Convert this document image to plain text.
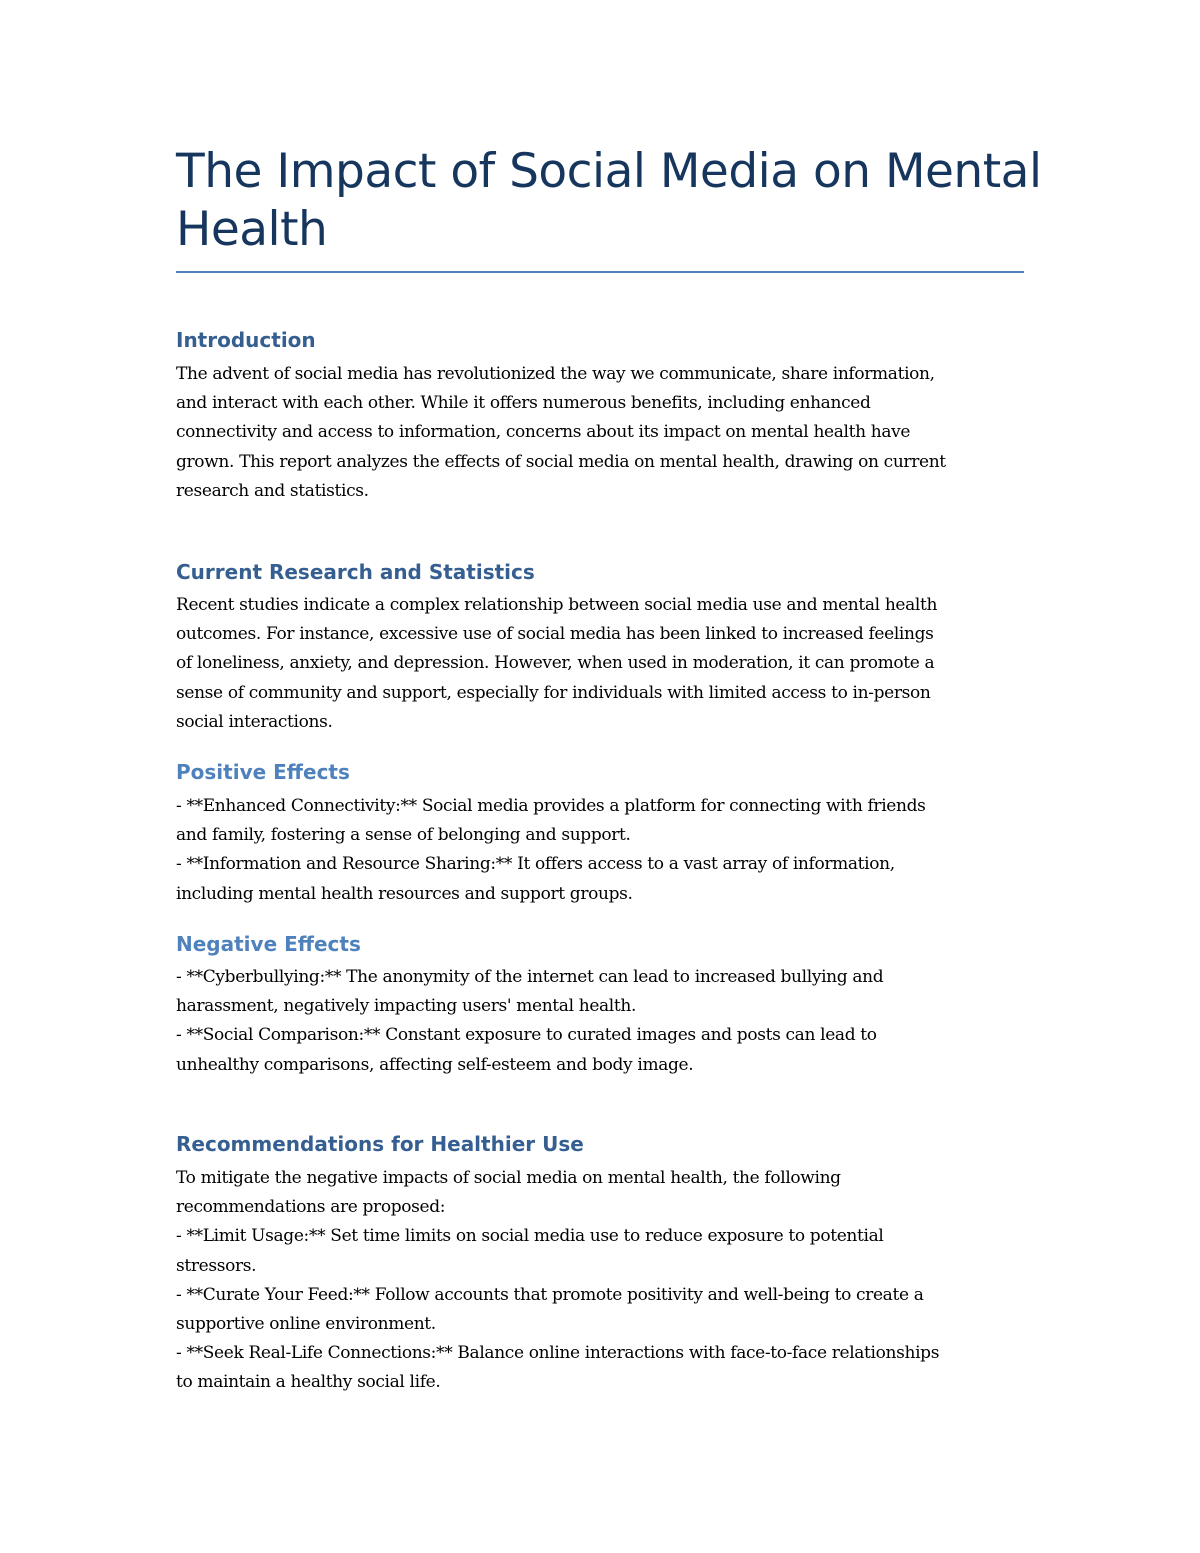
The Impact of Social Media on Mental
Health
Introduction
The advent of social media has revolutionized the way we communicate, share information,
and interact with each other. While it offers numerous benefits, including enhanced
connectivity and access to information, concerns about its impact on mental health have
grown. This report analyzes the effects of social media on mental health, drawing on current
research and statistics.
Current Research and Statistics
Recent studies indicate a complex relationship between social media use and mental health
outcomes. For instance, excessive use of social media has been linked to increased feelings
of loneliness, anxiety, and depression. However, when used in moderation, it can promote a
sense of community and support, especially for individuals with limited access to in-person
social interactions.
Positive Effects
- **Enhanced Connectivity:** Social media provides a platform for connecting with friends
and family, fostering a sense of belonging and support.
- **Information and Resource Sharing:** It offers access to a vast array of information,
including mental health resources and support groups.
Negative Effects
- **Cyberbullying:** The anonymity of the internet can lead to increased bullying and
harassment, negatively impacting users' mental health.
- **Social Comparison:** Constant exposure to curated images and posts can lead to
unhealthy comparisons, affecting self-esteem and body image.
Recommendations for Healthier Use
To mitigate the negative impacts of social media on mental health, the following
recommendations are proposed:
- **Limit Usage:** Set time limits on social media use to reduce exposure to potential
stressors.
- **Curate Your Feed:** Follow accounts that promote positivity and well-being to create a
supportive online environment.
- **Seek Real-Life Connections:** Balance online interactions with face-to-face relationships
to maintain a healthy social life.
